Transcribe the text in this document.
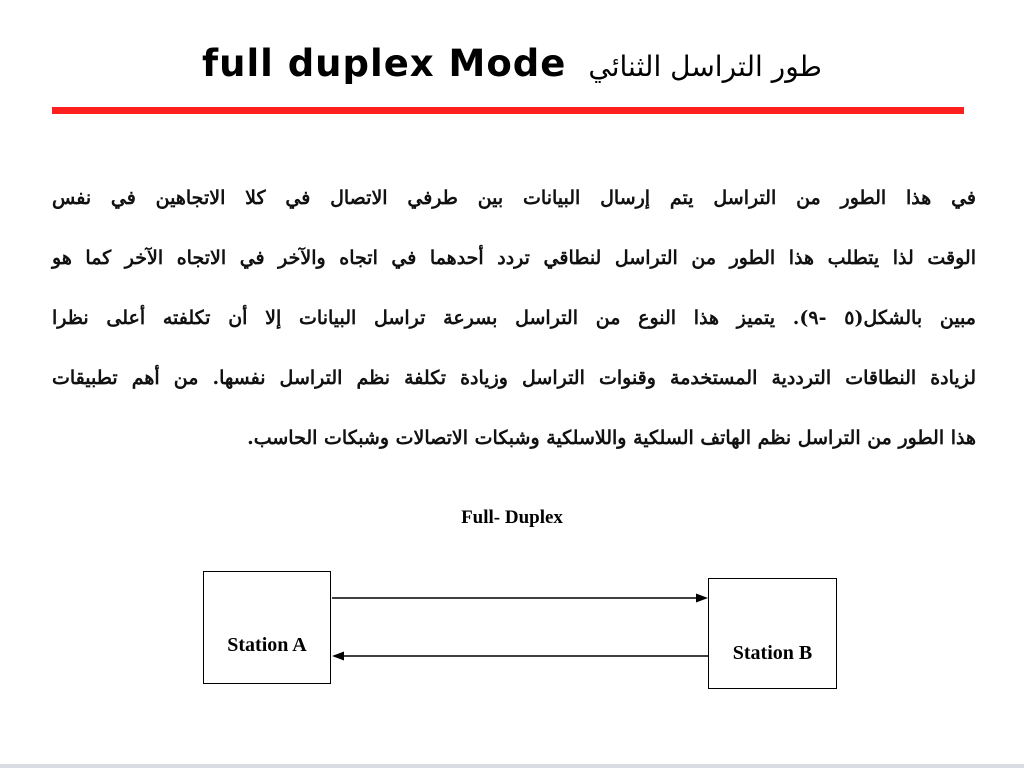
full duplex Mode طور التراسل الثنائي
في هذا الطور من التراسل يتم إرسال البيانات بين طرفي الاتصال في كلا الاتجاهين في نفس
الوقت لذا يتطلب هذا الطور من التراسل لنطاقي تردد أحدهما في اتجاه والآخر في الاتجاه الآخر كما هو
مبين بالشكل(٥ -٩). يتميز هذا النوع من التراسل بسرعة تراسل البيانات إلا أن تكلفته أعلى نظرا
لزيادة النطاقات الترددية المستخدمة وقنوات التراسل وزيادة تكلفة نظم التراسل نفسها. من أهم تطبيقات
هذا الطور من التراسل نظم الهاتف السلكية واللاسلكية وشبكات الاتصالات وشبكات الحاسب.
Full- Duplex
Station A	Station B
